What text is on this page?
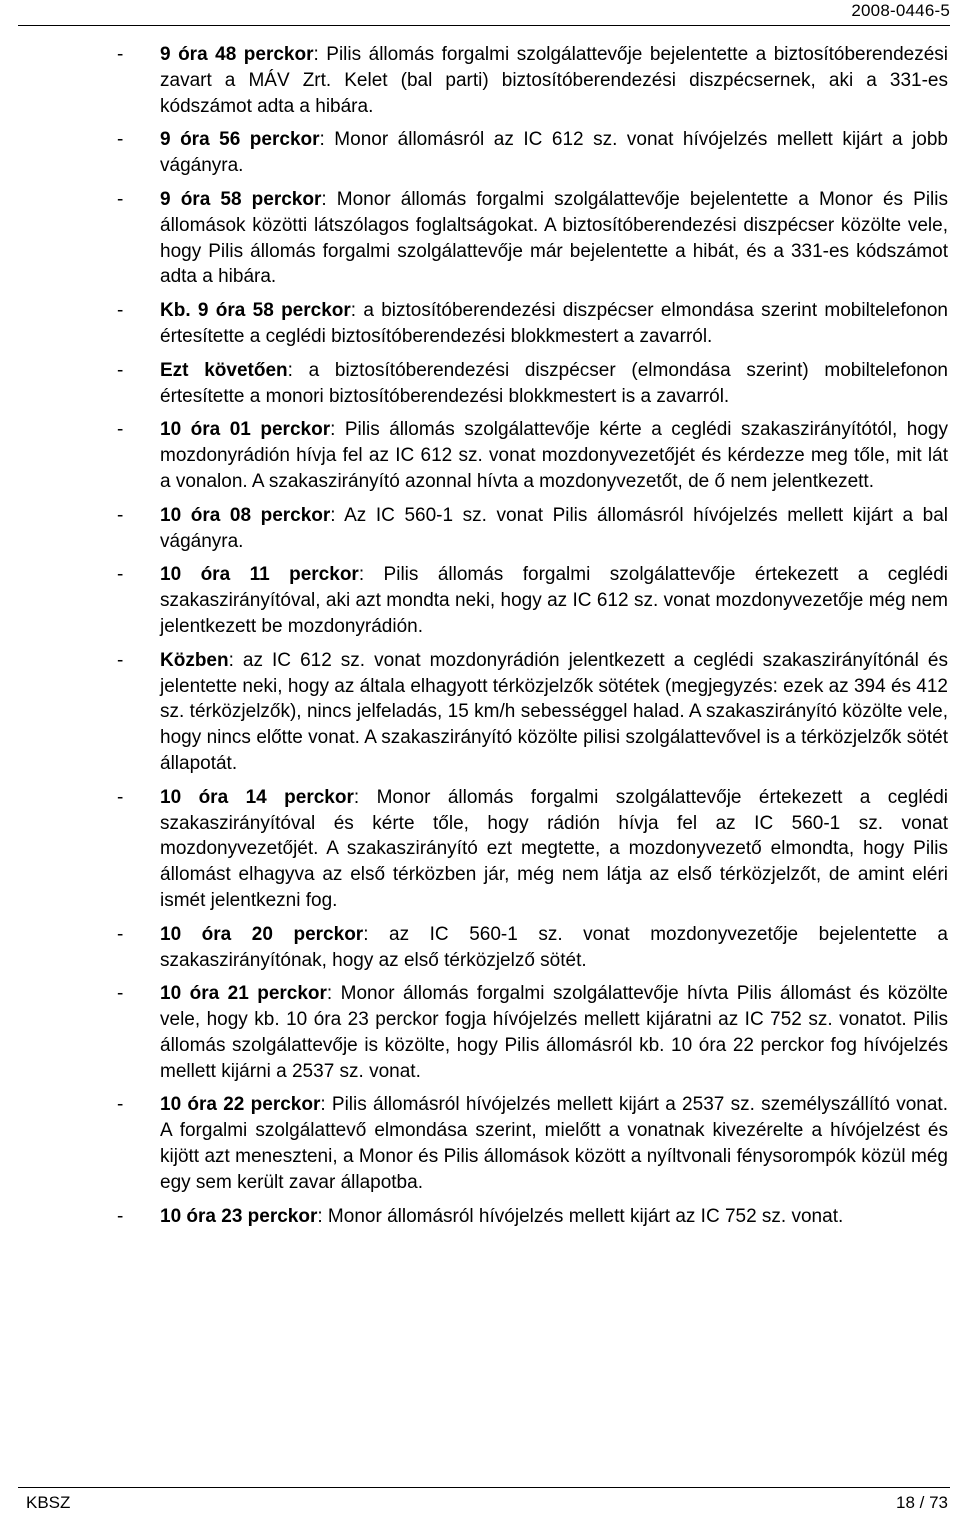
2008-0446-5
- 9 óra 48 perckor: Pilis állomás forgalmi szolgálattevője bejelentette a biztosítóberendezési zavart a MÁV Zrt. Kelet (bal parti) biztosítóberendezési diszpécsernek, aki a 331-es kódszámot adta a hibára.
- 9 óra 56 perckor: Monor állomásról az IC 612 sz. vonat hívójelzés mellett kijárt a jobb vágányra.
- 9 óra 58 perckor: Monor állomás forgalmi szolgálattevője bejelentette a Monor és Pilis állomások közötti látszólagos foglaltságokat. A biztosítóberendezési diszpécser közölte vele, hogy Pilis állomás forgalmi szolgálattevője már bejelentette a hibát, és a 331-es kódszámot adta a hibára.
- Kb. 9 óra 58 perckor: a biztosítóberendezési diszpécser elmondása szerint mobiltelefonon értesítette a ceglédi biztosítóberendezési blokkmestert a zavarról.
- Ezt követően: a biztosítóberendezési diszpécser (elmondása szerint) mobiltelefonon értesítette a monori biztosítóberendezési blokkmestert is a zavarról.
- 10 óra 01 perckor: Pilis állomás szolgálattevője kérte a ceglédi szakaszirányítótól, hogy mozdonyrádión hívja fel az IC 612 sz. vonat mozdonyvezetőjét és kérdezze meg tőle, mit lát a vonalon. A szakaszirányító azonnal hívta a mozdonyvezetőt, de ő nem jelentkezett.
- 10 óra 08 perckor: Az IC 560-1 sz. vonat Pilis állomásról hívójelzés mellett kijárt a bal vágányra.
- 10 óra 11 perckor: Pilis állomás forgalmi szolgálattevője értekezett a ceglédi szakaszirányítóval, aki azt mondta neki, hogy az IC 612 sz. vonat mozdonyvezetője még nem jelentkezett be mozdonyrádión.
- Közben: az IC 612 sz. vonat mozdonyrádión jelentkezett a ceglédi szakaszirányítónál és jelentette neki, hogy az általa elhagyott térközjelzők sötétek (megjegyzés: ezek az 394 és 412 sz. térközjelzők), nincs jelfeladás, 15 km/h sebességgel halad. A szakaszirányító közölte vele, hogy nincs előtte vonat. A szakaszirányító közölte pilisi szolgálattevővel is a térközjelzők sötét állapotát.
- 10 óra 14 perckor: Monor állomás forgalmi szolgálattevője értekezett a ceglédi szakaszirányítóval és kérte tőle, hogy rádión hívja fel az IC 560-1 sz. vonat mozdonyvezetőjét. A szakaszirányító ezt megtette, a mozdonyvezető elmondta, hogy Pilis állomást elhagyva az első térközben jár, még nem látja az első térközjelzőt, de amint eléri ismét jelentkezni fog.
- 10 óra 20 perckor: az IC 560-1 sz. vonat mozdonyvezetője bejelentette a szakaszirányítónak, hogy az első térközjelző sötét.
- 10 óra 21 perckor: Monor állomás forgalmi szolgálattevője hívta Pilis állomást és közölte vele, hogy kb. 10 óra 23 perckor fogja hívójelzés mellett kijáratni az IC 752 sz. vonatot. Pilis állomás szolgálattevője is közölte, hogy Pilis állomásról kb. 10 óra 22 perckor fog hívójelzés mellett kijárni a 2537 sz. vonat.
- 10 óra 22 perckor: Pilis állomásról hívójelzés mellett kijárt a 2537 sz. személyszállító vonat. A forgalmi szolgálattevő elmondása szerint, mielőtt a vonatnak kivezérelte a hívójelzést és kijött azt meneszteni, a Monor és Pilis állomások között a nyíltvonali fénysorompók közül még egy sem került zavar állapotba.
- 10 óra 23 perckor: Monor állomásról hívójelzés mellett kijárt az IC 752 sz. vonat.
KBSZ	18 / 73
